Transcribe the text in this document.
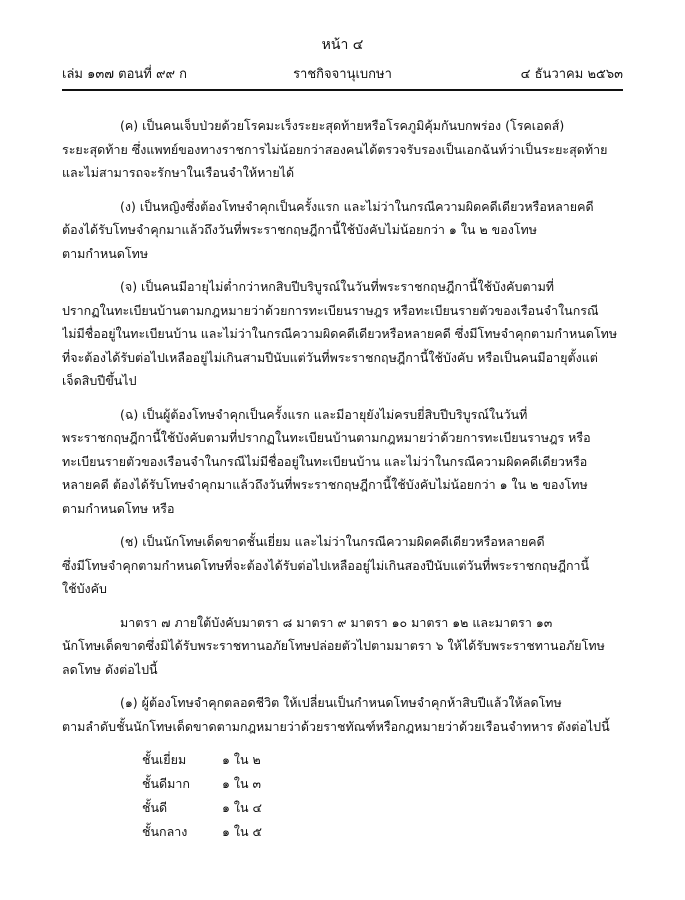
หน้า ๔
ราชกิจจานุเบกษา
เล่ม ๑๓๗ ตอนที่ ๙๙ ก	๔ ธันวาคม ๒๕๖๓

(ค) เป็นคนเจ็บป่วยด้วยโรคมะเร็งระยะสุดท้ายหรือโรคภูมิคุ้มกันบกพร่อง (โรคเอดส์)
ระยะสุดท้าย ซึ่งแพทย์ของทางราชการไม่น้อยกว่าสองคนได้ตรวจรับรองเป็นเอกฉันท์ว่าเป็นระยะสุดท้าย
และไม่สามารถจะรักษาในเรือนจำให้หายได้

(ง) เป็นหญิงซึ่งต้องโทษจำคุกเป็นครั้งแรก และไม่ว่าในกรณีความผิดคดีเดียวหรือหลายคดี
ต้องได้รับโทษจำคุกมาแล้วถึงวันที่พระราชกฤษฎีกานี้ใช้บังคับไม่น้อยกว่า ๑ ใน ๒ ของโทษ
ตามกำหนดโทษ

(จ) เป็นคนมีอายุไม่ต่ำกว่าหกสิบปีบริบูรณ์ในวันที่พระราชกฤษฎีกานี้ใช้บังคับตามที่
ปรากฏในทะเบียนบ้านตามกฎหมายว่าด้วยการทะเบียนราษฎร หรือทะเบียนรายตัวของเรือนจำในกรณี
ไม่มีชื่ออยู่ในทะเบียนบ้าน และไม่ว่าในกรณีความผิดคดีเดียวหรือหลายคดี ซึ่งมีโทษจำคุกตามกำหนดโทษ
ที่จะต้องได้รับต่อไปเหลืออยู่ไม่เกินสามปีนับแต่วันที่พระราชกฤษฎีกานี้ใช้บังคับ หรือเป็นคนมีอายุตั้งแต่
เจ็ดสิบปีขึ้นไป

(ฉ) เป็นผู้ต้องโทษจำคุกเป็นครั้งแรก และมีอายุยังไม่ครบยี่สิบปีบริบูรณ์ในวันที่
พระราชกฤษฎีกานี้ใช้บังคับตามที่ปรากฏในทะเบียนบ้านตามกฎหมายว่าด้วยการทะเบียนราษฎร หรือ
ทะเบียนรายตัวของเรือนจำในกรณีไม่มีชื่ออยู่ในทะเบียนบ้าน และไม่ว่าในกรณีความผิดคดีเดียวหรือ
หลายคดี ต้องได้รับโทษจำคุกมาแล้วถึงวันที่พระราชกฤษฎีกานี้ใช้บังคับไม่น้อยกว่า ๑ ใน ๒ ของโทษ
ตามกำหนดโทษ หรือ

(ช) เป็นนักโทษเด็ดขาดชั้นเยี่ยม และไม่ว่าในกรณีความผิดคดีเดียวหรือหลายคดี
ซึ่งมีโทษจำคุกตามกำหนดโทษที่จะต้องได้รับต่อไปเหลืออยู่ไม่เกินสองปีนับแต่วันที่พระราชกฤษฎีกานี้
ใช้บังคับ

มาตรา ๗ ภายใต้บังคับมาตรา ๘ มาตรา ๙ มาตรา ๑๐ มาตรา ๑๒ และมาตรา ๑๓
นักโทษเด็ดขาดซึ่งมิได้รับพระราชทานอภัยโทษปล่อยตัวไปตามมาตรา ๖ ให้ได้รับพระราชทานอภัยโทษ
ลดโทษ ดังต่อไปนี้

(๑) ผู้ต้องโทษจำคุกตลอดชีวิต ให้เปลี่ยนเป็นกำหนดโทษจำคุกห้าสิบปีแล้วให้ลดโทษ
ตามลำดับชั้นนักโทษเด็ดขาดตามกฎหมายว่าด้วยราชทัณฑ์หรือกฎหมายว่าด้วยเรือนจำทหาร ดังต่อไปนี้

ชั้นเยี่ยม	๑ ใน ๒
ชั้นดีมาก	๑ ใน ๓
ชั้นดี	๑ ใน ๔
ชั้นกลาง	๑ ใน ๕
